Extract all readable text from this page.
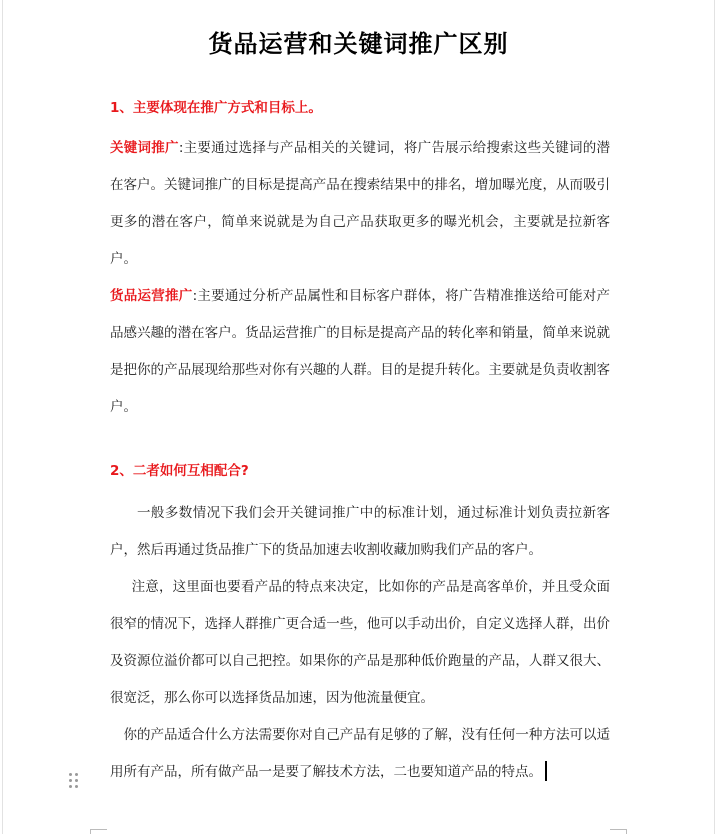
货品运营和关键词推广区别

1、主要体现在推广方式和目标上。

关键词推广:主要通过选择与产品相关的关键词，将广告展示给搜索这些关键词的潜在客户。关键词推广的目标是提高产品在搜索结果中的排名，增加曝光度，从而吸引更多的潜在客户，简单来说就是为自己产品获取更多的曝光机会，主要就是拉新客户。

货品运营推广:主要通过分析产品属性和目标客户群体，将广告精准推送给可能对产品感兴趣的潜在客户。货品运营推广的目标是提高产品的转化率和销量，简单来说就是把你的产品展现给那些对你有兴趣的人群。目的是提升转化。主要就是负责收割客户。

2、二者如何互相配合?

一般多数情况下我们会开关键词推广中的标准计划，通过标准计划负责拉新客户，然后再通过货品推广下的货品加速去收割收藏加购我们产品的客户。

注意，这里面也要看产品的特点来决定，比如你的产品是高客单价，并且受众面很窄的情况下，选择人群推广更合适一些，他可以手动出价，自定义选择人群，出价及资源位溢价都可以自己把控。如果你的产品是那种低价跑量的产品，人群又很大、很宽泛，那么你可以选择货品加速，因为他流量便宜。

你的产品适合什么方法需要你对自己产品有足够的了解，没有任何一种方法可以适用所有产品，所有做产品一是要了解技术方法，二也要知道产品的特点。
